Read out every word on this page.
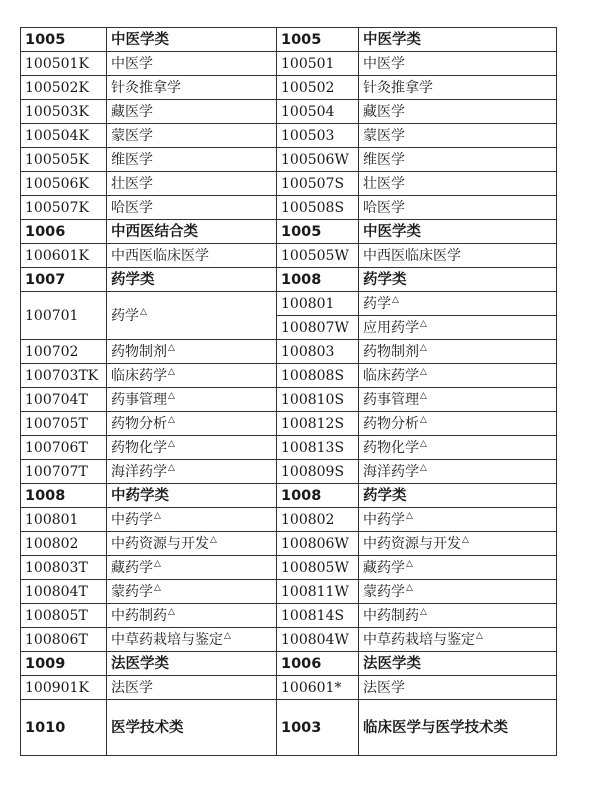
1005	中医学类	1005	中医学类
100501K	中医学	100501	中医学
100502K	针灸推拿学	100502	针灸推拿学
100503K	藏医学	100504	藏医学
100504K	蒙医学	100503	蒙医学
100505K	维医学	100506W	维医学
100506K	壮医学	100507S	壮医学
100507K	哈医学	100508S	哈医学
1006	中西医结合类	1005	中医学类
100601K	中西医临床医学	100505W	中西医临床医学
1007	药学类	1008	药学类
100701	药学△	100801	药学△
		100807W	应用药学△
100702	药物制剂△	100803	药物制剂△
100703TK	临床药学△	100808S	临床药学△
100704T	药事管理△	100810S	药事管理△
100705T	药物分析△	100812S	药物分析△
100706T	药物化学△	100813S	药物化学△
100707T	海洋药学△	100809S	海洋药学△
1008	中药学类	1008	药学类
100801	中药学△	100802	中药学△
100802	中药资源与开发△	100806W	中药资源与开发△
100803T	藏药学△	100805W	藏药学△
100804T	蒙药学△	100811W	蒙药学△
100805T	中药制药△	100814S	中药制药△
100806T	中草药栽培与鉴定△	100804W	中草药栽培与鉴定△
1009	法医学类	1006	法医学类
100901K	法医学	100601*	法医学
1010	医学技术类	1003	临床医学与医学技术类
